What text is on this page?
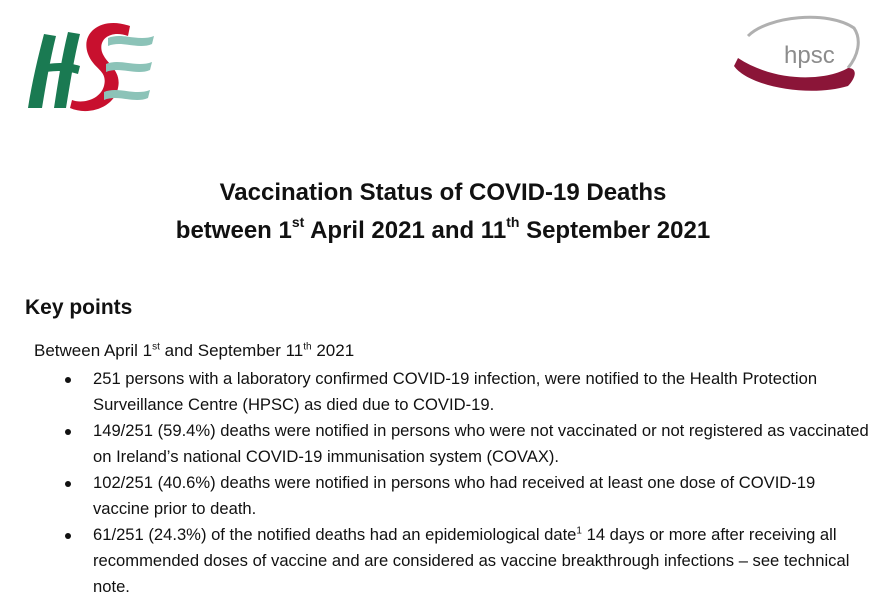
hpsc
Vaccination Status of COVID-19 Deaths
between 1st April 2021 and 11th September 2021
Key points
Between April 1st and September 11th 2021
251 persons with a laboratory confirmed COVID-19 infection, were notified to the Health Protection Surveillance Centre (HPSC) as died due to COVID-19.
149/251 (59.4%) deaths were notified in persons who were not vaccinated or not registered as vaccinated on Ireland’s national COVID-19 immunisation system (COVAX).
102/251 (40.6%) deaths were notified in persons who had received at least one dose of COVID-19 vaccine prior to death.
61/251 (24.3%) of the notified deaths had an epidemiological date$^1$ 14 days or more after receiving all recommended doses of vaccine and are considered as vaccine breakthrough infections – see technical note.
